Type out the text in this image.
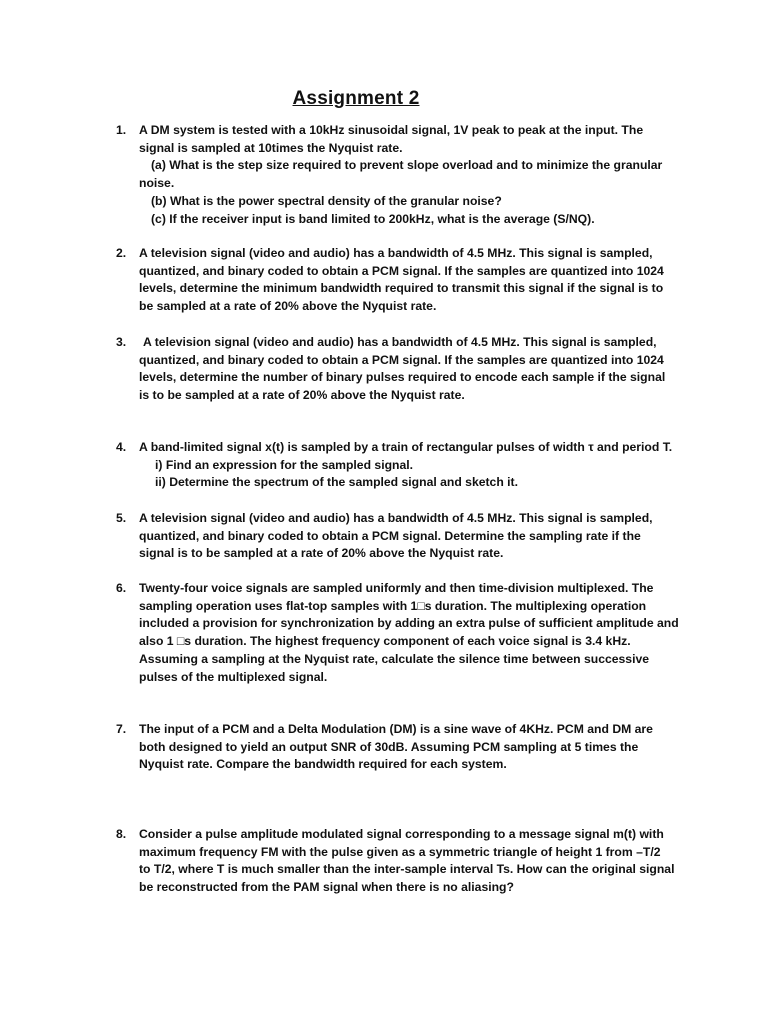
Assignment 2
1.	A DM system is tested with a 10kHz sinusoidal signal, 1V peak to peak at the input. The
signal is sampled at 10times the Nyquist rate.
(a) What is the step size required to prevent slope overload and to minimize the granular
noise.
(b) What is the power spectral density of the granular noise?
(c) If the receiver input is band limited to 200kHz, what is the average (S/NQ).
2.	A television signal (video and audio) has a bandwidth of 4.5 MHz. This signal is sampled,
quantized, and binary coded to obtain a PCM signal. If the samples are quantized into 1024
levels, determine the minimum bandwidth required to transmit this signal if the signal is to
be sampled at a rate of 20% above the Nyquist rate.
3.	A television signal (video and audio) has a bandwidth of 4.5 MHz. This signal is sampled,
quantized, and binary coded to obtain a PCM signal. If the samples are quantized into 1024
levels, determine the number of binary pulses required to encode each sample if the signal
is to be sampled at a rate of 20% above the Nyquist rate.
4.	A band-limited signal x(t) is sampled by a train of rectangular pulses of width τ and period T.
i) Find an expression for the sampled signal.
ii) Determine the spectrum of the sampled signal and sketch it.
5.	A television signal (video and audio) has a bandwidth of 4.5 MHz. This signal is sampled,
quantized, and binary coded to obtain a PCM signal. Determine the sampling rate if the
signal is to be sampled at a rate of 20% above the Nyquist rate.
6.	Twenty-four voice signals are sampled uniformly and then time-division multiplexed. The
sampling operation uses flat-top samples with 1□s duration. The multiplexing operation
included a provision for synchronization by adding an extra pulse of sufficient amplitude and
also 1 □s duration. The highest frequency component of each voice signal is 3.4 kHz.
Assuming a sampling at the Nyquist rate, calculate the silence time between successive
pulses of the multiplexed signal.
7.	The input of a PCM and a Delta Modulation (DM) is a sine wave of 4KHz. PCM and DM are
both designed to yield an output SNR of 30dB. Assuming PCM sampling at 5 times the
Nyquist rate. Compare the bandwidth required for each system.
8.	Consider a pulse amplitude modulated signal corresponding to a message signal m(t) with
maximum frequency FM with the pulse given as a symmetric triangle of height 1 from –T/2
to T/2, where T is much smaller than the inter-sample interval Ts. How can the original signal
be reconstructed from the PAM signal when there is no aliasing?
